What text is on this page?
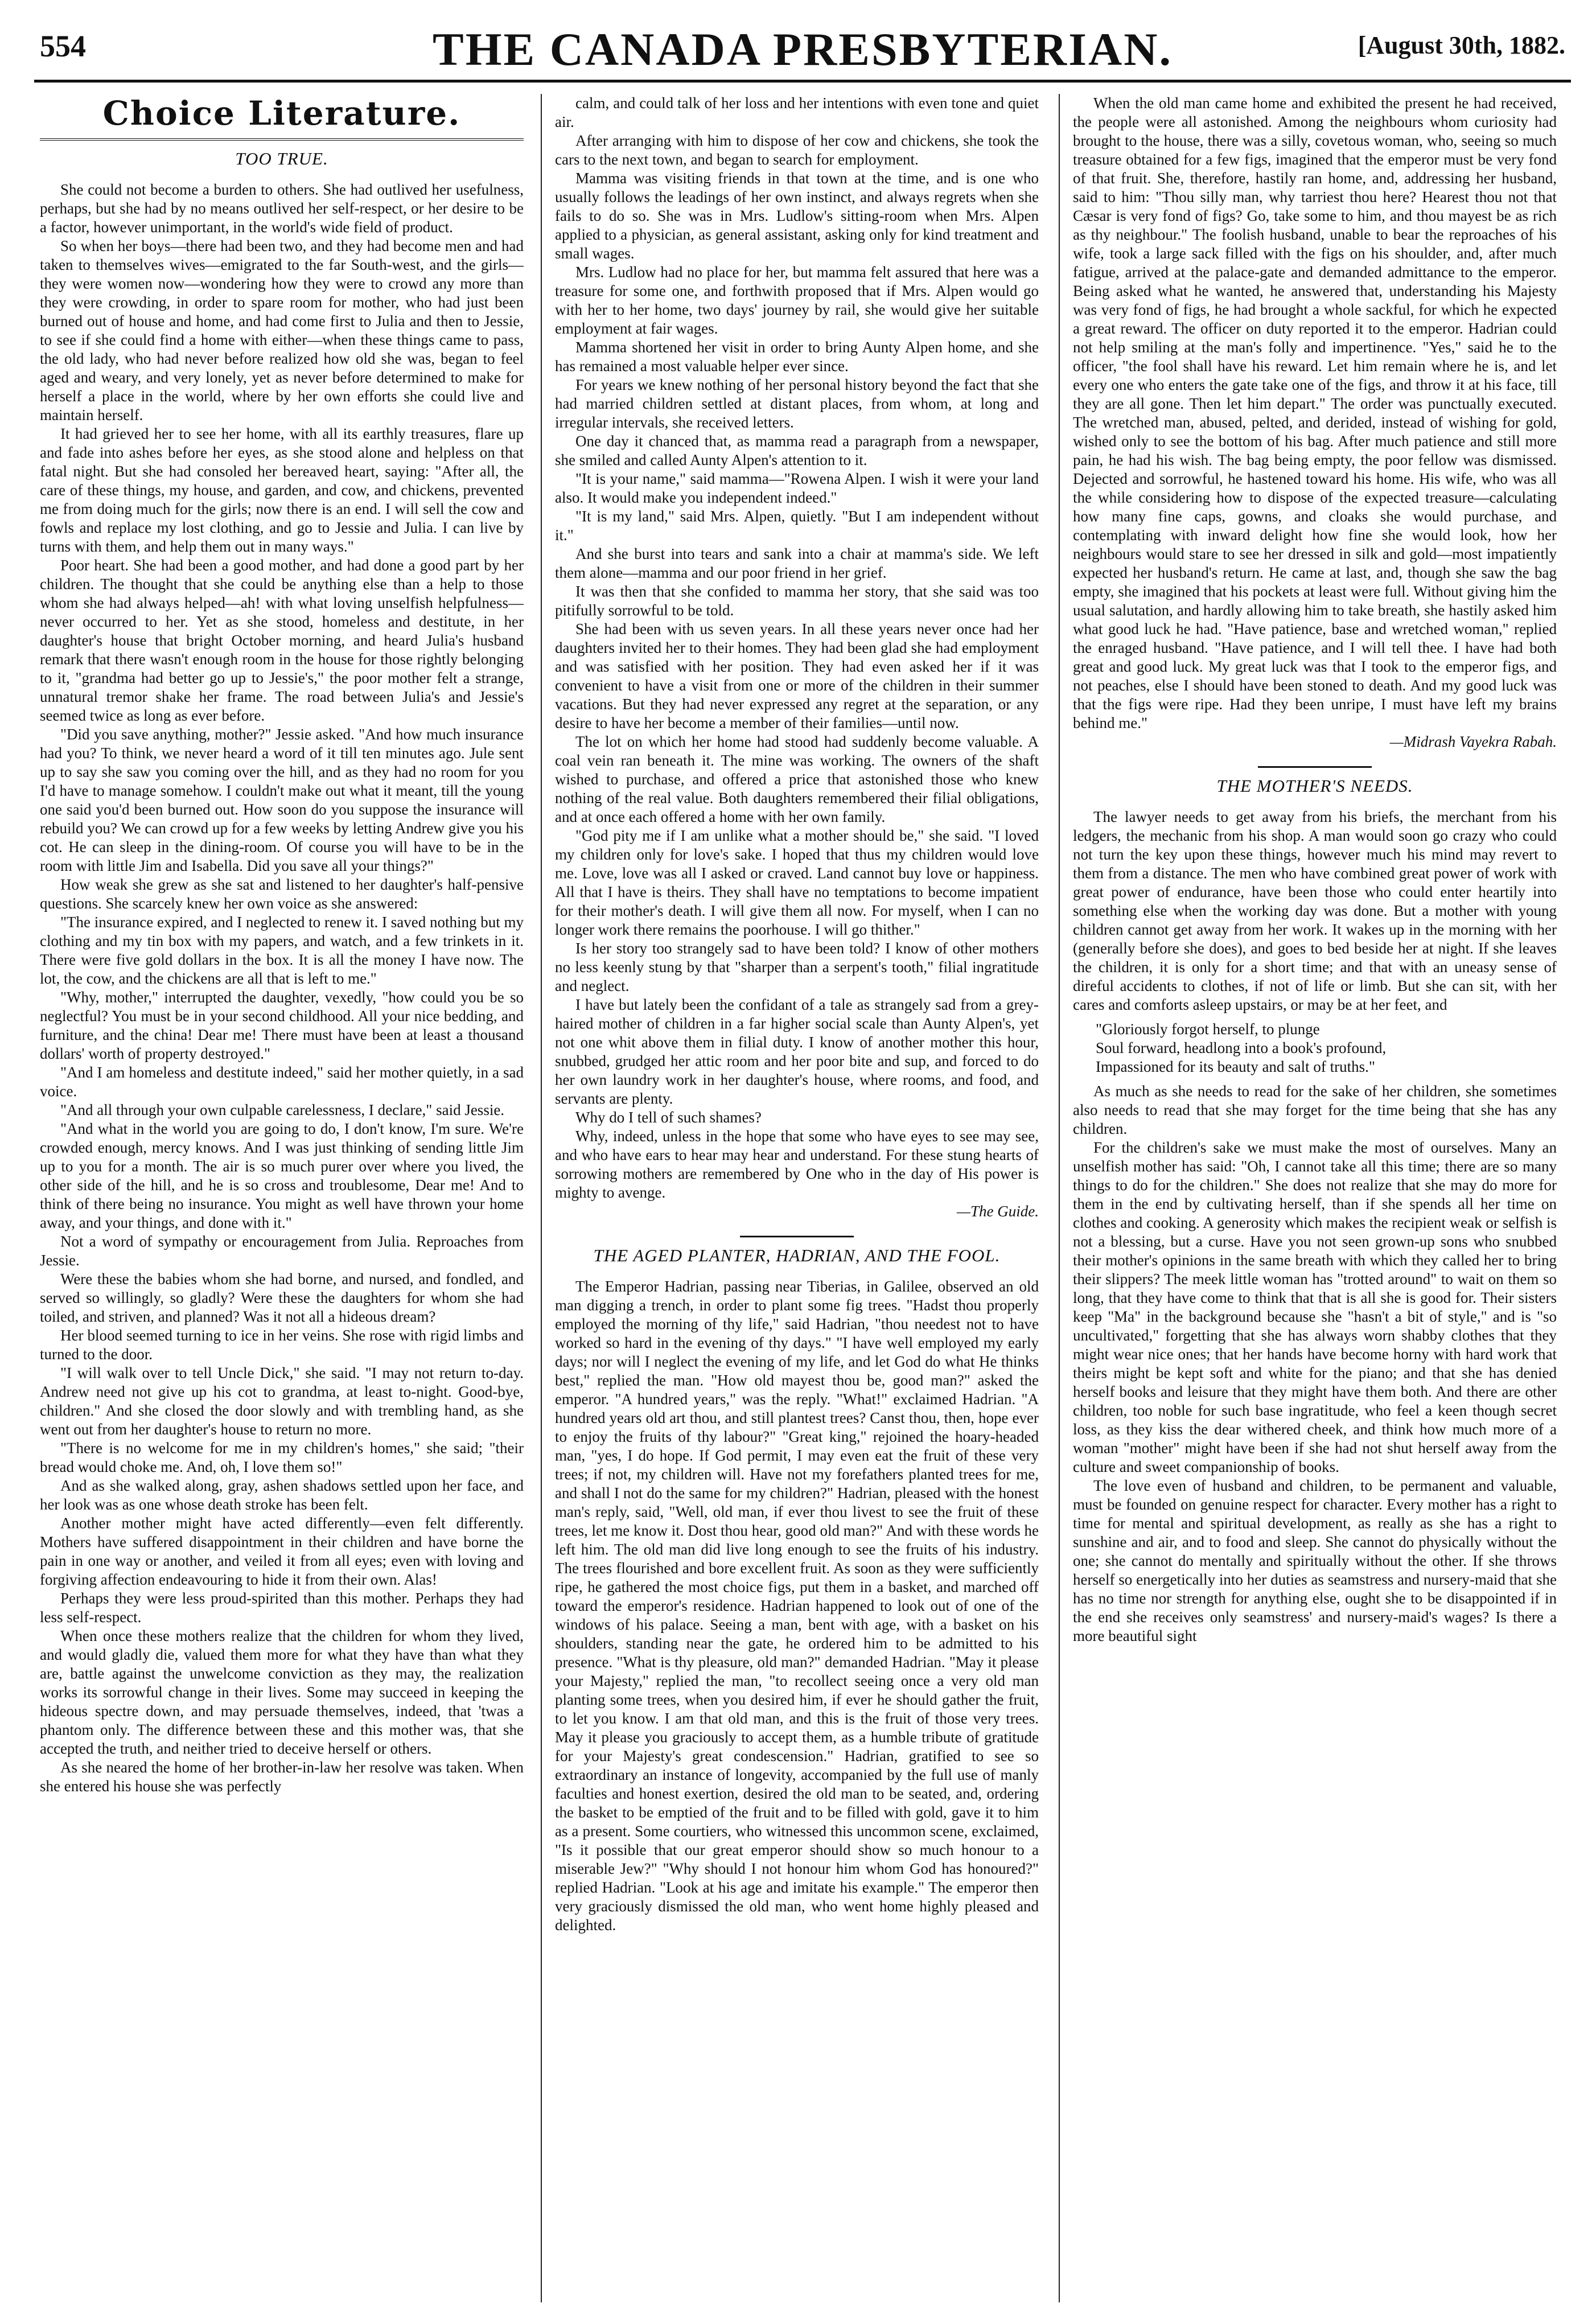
554	THE CANADA PRESBYTERIAN.	[August 30th, 1882.
Choice Literature.
TOO TRUE.

She could not become a burden to others. She had outlived her usefulness, perhaps, but she had by no means outlived her self-respect, or her desire to be a factor, however unimportant, in the world's wide field of product.

So when her boys—there had been two, and they had become men and had taken to themselves wives—emigrated to the far South-west, and the girls—they were women now—wondering how they were to crowd any more than they were crowding, in order to spare room for mother, who had just been burned out of house and home, and had come first to Julia and then to Jessie, to see if she could find a home with either—when these things came to pass, the old lady, who had never before realized how old she was, began to feel aged and weary, and very lonely, yet as never before determined to make for herself a place in the world, where by her own efforts she could live and maintain herself.

It had grieved her to see her home, with all its earthly treasures, flare up and fade into ashes before her eyes, as she stood alone and helpless on that fatal night. But she had consoled her bereaved heart, saying: "After all, the care of these things, my house, and garden, and cow, and chickens, prevented me from doing much for the girls; now there is an end. I will sell the cow and fowls and replace my lost clothing, and go to Jessie and Julia. I can live by turns with them, and help them out in many ways."

Poor heart. She had been a good mother, and had done a good part by her children. The thought that she could be anything else than a help to those whom she had always helped—ah! with what loving unselfish helpfulness—never occurred to her. Yet as she stood, homeless and destitute, in her daughter's house that bright October morning, and heard Julia's husband remark that there wasn't enough room in the house for those rightly belonging to it, "grandma had better go up to Jessie's," the poor mother felt a strange, unnatural tremor shake her frame. The road between Julia's and Jessie's seemed twice as long as ever before.

"Did you save anything, mother?" Jessie asked. "And how much insurance had you? To think, we never heard a word of it till ten minutes ago. Jule sent up to say she saw you coming over the hill, and as they had no room for you I'd have to manage somehow. I couldn't make out what it meant, till the young one said you'd been burned out. How soon do you suppose the insurance will rebuild you? We can crowd up for a few weeks by letting Andrew give you his cot. He can sleep in the dining-room. Of course you will have to be in the room with little Jim and Isabella. Did you save all your things?"

How weak she grew as she sat and listened to her daughter's half-pensive questions. She scarcely knew her own voice as she answered:

"The insurance expired, and I neglected to renew it. I saved nothing but my clothing and my tin box with my papers, and watch, and a few trinkets in it. There were five gold dollars in the box. It is all the money I have now. The lot, the cow, and the chickens are all that is left to me."

"Why, mother," interrupted the daughter, vexedly, "how could you be so neglectful? You must be in your second childhood. All your nice bedding, and furniture, and the china! Dear me! There must have been at least a thousand dollars' worth of property destroyed."

"And I am homeless and destitute indeed," said her mother quietly, in a sad voice.

"And all through your own culpable carelessness, I declare," said Jessie.

"And what in the world you are going to do, I don't know, I'm sure. We're crowded enough, mercy knows. And I was just thinking of sending little Jim up to you for a month. The air is so much purer over where you lived, the other side of the hill, and he is so cross and troublesome, Dear me! And to think of there being no insurance. You might as well have thrown your home away, and your things, and done with it."

Not a word of sympathy or encouragement from Julia. Reproaches from Jessie.

Were these the babies whom she had borne, and nursed, and fondled, and served so willingly, so gladly? Were these the daughters for whom she had toiled, and striven, and planned? Was it not all a hideous dream?

Her blood seemed turning to ice in her veins. She rose with rigid limbs and turned to the door.

"I will walk over to tell Uncle Dick," she said. "I may not return to-day. Andrew need not give up his cot to grandma, at least to-night. Good-bye, children." And she closed the door slowly and with trembling hand, as she went out from her daughter's house to return no more.

"There is no welcome for me in my children's homes," she said; "their bread would choke me. And, oh, I love them so!"

And as she walked along, gray, ashen shadows settled upon her face, and her look was as one whose death stroke has been felt.

Another mother might have acted differently—even felt differently. Mothers have suffered disappointment in their children and have borne the pain in one way or another, and veiled it from all eyes; even with loving and forgiving affection endeavouring to hide it from their own. Alas!

Perhaps they were less proud-spirited than this mother. Perhaps they had less self-respect.

When once these mothers realize that the children for whom they lived, and would gladly die, valued them more for what they have than what they are, battle against the unwelcome conviction as they may, the realization works its sorrowful change in their lives. Some may succeed in keeping the hideous spectre down, and may persuade themselves, indeed, that 'twas a phantom only. The difference between these and this mother was, that she accepted the truth, and neither tried to deceive herself or others.

As she neared the home of her brother-in-law her resolve was taken. When she entered his house she was perfectly

calm, and could talk of her loss and her intentions with even tone and quiet air.

After arranging with him to dispose of her cow and chickens, she took the cars to the next town, and began to search for employment.

Mamma was visiting friends in that town at the time, and is one who usually follows the leadings of her own instinct, and always regrets when she fails to do so. She was in Mrs. Ludlow's sitting-room when Mrs. Alpen applied to a physician, as general assistant, asking only for kind treatment and small wages.

Mrs. Ludlow had no place for her, but mamma felt assured that here was a treasure for some one, and forthwith proposed that if Mrs. Alpen would go with her to her home, two days' journey by rail, she would give her suitable employment at fair wages.

Mamma shortened her visit in order to bring Aunty Alpen home, and she has remained a most valuable helper ever since.

For years we knew nothing of her personal history beyond the fact that she had married children settled at distant places, from whom, at long and irregular intervals, she received letters.

One day it chanced that, as mamma read a paragraph from a newspaper, she smiled and called Aunty Alpen's attention to it.

"It is your name," said mamma—"Rowena Alpen. I wish it were your land also. It would make you independent indeed."

"It is my land," said Mrs. Alpen, quietly. "But I am independent without it."

And she burst into tears and sank into a chair at mamma's side. We left them alone—mamma and our poor friend in her grief.

It was then that she confided to mamma her story, that she said was too pitifully sorrowful to be told.

She had been with us seven years. In all these years never once had her daughters invited her to their homes. They had been glad she had employment and was satisfied with her position. They had even asked her if it was convenient to have a visit from one or more of the children in their summer vacations. But they had never expressed any regret at the separation, or any desire to have her become a member of their families—until now.

The lot on which her home had stood had suddenly become valuable. A coal vein ran beneath it. The mine was working. The owners of the shaft wished to purchase, and offered a price that astonished those who knew nothing of the real value. Both daughters remembered their filial obligations, and at once each offered a home with her own family.

"God pity me if I am unlike what a mother should be," she said. "I loved my children only for love's sake. I hoped that thus my children would love me. Love, love was all I asked or craved. Land cannot buy love or happiness. All that I have is theirs. They shall have no temptations to become impatient for their mother's death. I will give them all now. For myself, when I can no longer work there remains the poorhouse. I will go thither."

Is her story too strangely sad to have been told? I know of other mothers no less keenly stung by that "sharper than a serpent's tooth," filial ingratitude and neglect.

I have but lately been the confidant of a tale as strangely sad from a grey-haired mother of children in a far higher social scale than Aunty Alpen's, yet not one whit above them in filial duty. I know of another mother this hour, snubbed, grudged her attic room and her poor bite and sup, and forced to do her own laundry work in her daughter's house, where rooms, and food, and servants are plenty.

Why do I tell of such shames?

Why, indeed, unless in the hope that some who have eyes to see may see, and who have ears to hear may hear and understand. For these stung hearts of sorrowing mothers are remembered by One who in the day of His power is mighty to avenge.

—The Guide.

THE AGED PLANTER, HADRIAN, AND THE FOOL.

The Emperor Hadrian, passing near Tiberias, in Galilee, observed an old man digging a trench, in order to plant some fig trees. "Hadst thou properly employed the morning of thy life," said Hadrian, "thou needest not to have worked so hard in the evening of thy days." "I have well employed my early days; nor will I neglect the evening of my life, and let God do what He thinks best," replied the man. "How old mayest thou be, good man?" asked the emperor. "A hundred years," was the reply. "What!" exclaimed Hadrian. "A hundred years old art thou, and still plantest trees? Canst thou, then, hope ever to enjoy the fruits of thy labour?" "Great king," rejoined the hoary-headed man, "yes, I do hope. If God permit, I may even eat the fruit of these very trees; if not, my children will. Have not my forefathers planted trees for me, and shall I not do the same for my children?" Hadrian, pleased with the honest man's reply, said, "Well, old man, if ever thou livest to see the fruit of these trees, let me know it. Dost thou hear, good old man?" And with these words he left him. The old man did live long enough to see the fruits of his industry. The trees flourished and bore excellent fruit. As soon as they were sufficiently ripe, he gathered the most choice figs, put them in a basket, and marched off toward the emperor's residence. Hadrian happened to look out of one of the windows of his palace. Seeing a man, bent with age, with a basket on his shoulders, standing near the gate, he ordered him to be admitted to his presence. "What is thy pleasure, old man?" demanded Hadrian. "May it please your Majesty," replied the man, "to recollect seeing once a very old man planting some trees, when you desired him, if ever he should gather the fruit, to let you know. I am that old man, and this is the fruit of those very trees. May it please you graciously to accept them, as a humble tribute of gratitude for your Majesty's great condescension." Hadrian, gratified to see so extraordinary an instance of longevity, accompanied by the full use of manly faculties and honest exertion, desired the old man to be seated, and, ordering the basket to be emptied of the fruit and to be filled with gold, gave it to him as a present. Some courtiers, who witnessed this uncommon scene, exclaimed, "Is it possible that our great emperor should show so much honour to a miserable Jew?" "Why should I not honour him whom God has honoured?" replied Hadrian. "Look at his age and imitate his example." The emperor then very graciously dismissed the old man, who went home highly pleased and delighted.

When the old man came home and exhibited the present he had received, the people were all astonished. Among the neighbours whom curiosity had brought to the house, there was a silly, covetous woman, who, seeing so much treasure obtained for a few figs, imagined that the emperor must be very fond of that fruit. She, therefore, hastily ran home, and, addressing her husband, said to him: "Thou silly man, why tarriest thou here? Hearest thou not that Cæsar is very fond of figs? Go, take some to him, and thou mayest be as rich as thy neighbour." The foolish husband, unable to bear the reproaches of his wife, took a large sack filled with the figs on his shoulder, and, after much fatigue, arrived at the palace-gate and demanded admittance to the emperor. Being asked what he wanted, he answered that, understanding his Majesty was very fond of figs, he had brought a whole sackful, for which he expected a great reward. The officer on duty reported it to the emperor. Hadrian could not help smiling at the man's folly and impertinence. "Yes," said he to the officer, "the fool shall have his reward. Let him remain where he is, and let every one who enters the gate take one of the figs, and throw it at his face, till they are all gone. Then let him depart." The order was punctually executed. The wretched man, abused, pelted, and derided, instead of wishing for gold, wished only to see the bottom of his bag. After much patience and still more pain, he had his wish. The bag being empty, the poor fellow was dismissed. Dejected and sorrowful, he hastened toward his home. His wife, who was all the while considering how to dispose of the expected treasure—calculating how many fine caps, gowns, and cloaks she would purchase, and contemplating with inward delight how fine she would look, how her neighbours would stare to see her dressed in silk and gold—most impatiently expected her husband's return. He came at last, and, though she saw the bag empty, she imagined that his pockets at least were full. Without giving him the usual salutation, and hardly allowing him to take breath, she hastily asked him what good luck he had. "Have patience, base and wretched woman," replied the enraged husband. "Have patience, and I will tell thee. I have had both great and good luck. My great luck was that I took to the emperor figs, and not peaches, else I should have been stoned to death. And my good luck was that the figs were ripe. Had they been unripe, I must have left my brains behind me."

—Midrash Vayekra Rabah.

THE MOTHER'S NEEDS.

The lawyer needs to get away from his briefs, the merchant from his ledgers, the mechanic from his shop. A man would soon go crazy who could not turn the key upon these things, however much his mind may revert to them from a distance. The men who have combined great power of work with great power of endurance, have been those who could enter heartily into something else when the working day was done. But a mother with young children cannot get away from her work. It wakes up in the morning with her (generally before she does), and goes to bed beside her at night. If she leaves the children, it is only for a short time; and that with an uneasy sense of direful accidents to clothes, if not of life or limb. But she can sit, with her cares and comforts asleep upstairs, or may be at her feet, and

"Gloriously forgot herself, to plunge
Soul forward, headlong into a book's profound,
Impassioned for its beauty and salt of truths."

As much as she needs to read for the sake of her children, she sometimes also needs to read that she may forget for the time being that she has any children.

For the children's sake we must make the most of ourselves. Many an unselfish mother has said: "Oh, I cannot take all this time; there are so many things to do for the children." She does not realize that she may do more for them in the end by cultivating herself, than if she spends all her time on clothes and cooking. A generosity which makes the recipient weak or selfish is not a blessing, but a curse. Have you not seen grown-up sons who snubbed their mother's opinions in the same breath with which they called her to bring their slippers? The meek little woman has "trotted around" to wait on them so long, that they have come to think that that is all she is good for. Their sisters keep "Ma" in the background because she "hasn't a bit of style," and is "so uncultivated," forgetting that she has always worn shabby clothes that they might wear nice ones; that her hands have become horny with hard work that theirs might be kept soft and white for the piano; and that she has denied herself books and leisure that they might have them both. And there are other children, too noble for such base ingratitude, who feel a keen though secret loss, as they kiss the dear withered cheek, and think how much more of a woman "mother" might have been if she had not shut herself away from the culture and sweet companionship of books.

The love even of husband and children, to be permanent and valuable, must be founded on genuine respect for character. Every mother has a right to time for mental and spiritual development, as really as she has a right to sunshine and air, and to food and sleep. She cannot do physically without the one; she cannot do mentally and spiritually without the other. If she throws herself so energetically into her duties as seamstress and nursery-maid that she has no time nor strength for anything else, ought she to be disappointed if in the end she receives only seamstress' and nursery-maid's wages? Is there a more beautiful sight
